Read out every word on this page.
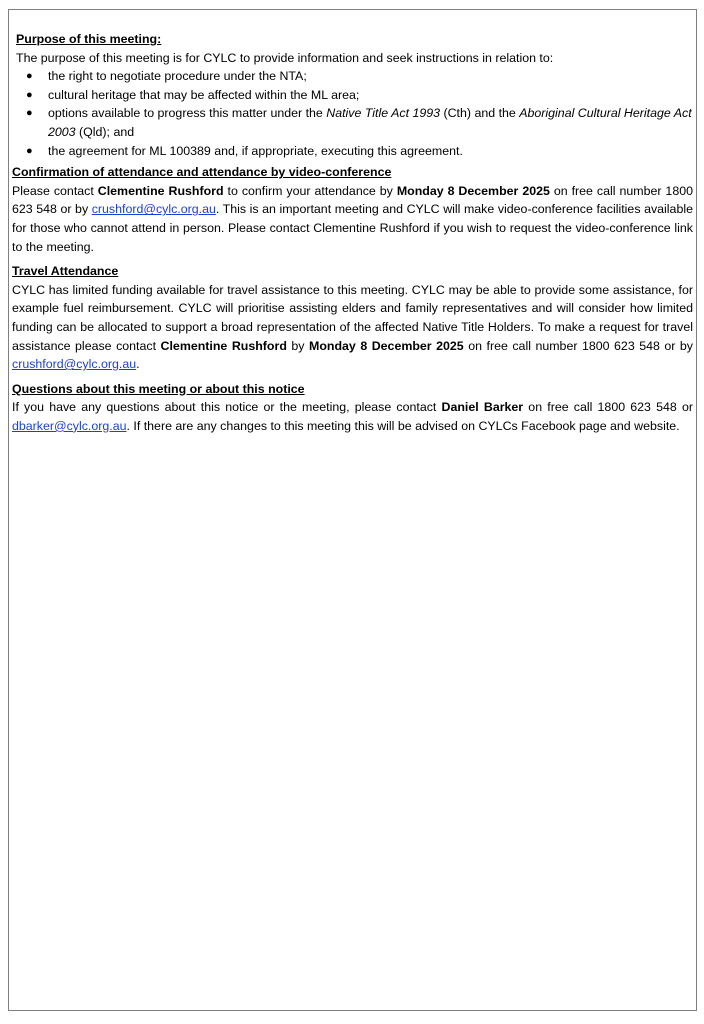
Purpose of this meeting:

The purpose of this meeting is for CYLC to provide information and seek instructions in relation to:

● the right to negotiate procedure under the NTA;
● cultural heritage that may be affected within the ML area;
● options available to progress this matter under the Native Title Act 1993 (Cth) and the Aboriginal Cultural Heritage Act 2003 (Qld); and
● the agreement for ML 100389 and, if appropriate, executing this agreement.

Confirmation of attendance and attendance by video-conference

Please contact Clementine Rushford to confirm your attendance by Monday 8 December 2025 on free call number 1800 623 548 or by crushford@cylc.org.au. This is an important meeting and CYLC will make video-conference facilities available for those who cannot attend in person. Please contact Clementine Rushford if you wish to request the video-conference link to the meeting.

Travel Attendance

CYLC has limited funding available for travel assistance to this meeting. CYLC may be able to provide some assistance, for example fuel reimbursement. CYLC will prioritise assisting elders and family representatives and will consider how limited funding can be allocated to support a broad representation of the affected Native Title Holders. To make a request for travel assistance please contact Clementine Rushford by Monday 8 December 2025 on free call number 1800 623 548 or by crushford@cylc.org.au.

Questions about this meeting or about this notice

If you have any questions about this notice or the meeting, please contact Daniel Barker on free call 1800 623 548 or dbarker@cylc.org.au. If there are any changes to this meeting this will be advised on CYLCs Facebook page and website.
